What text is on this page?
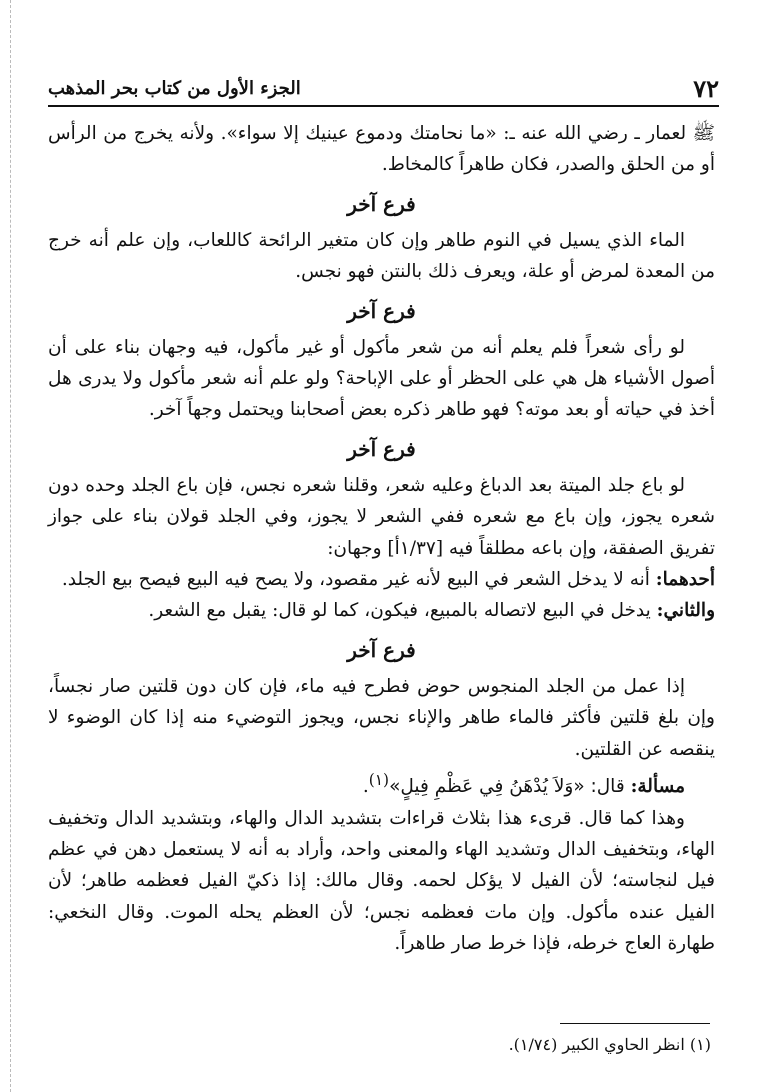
٧٢
الجزء الأول من كتاب بحر المذهب

ﷺ لعمار ـ رضي الله عنه ـ: «ما نحامتك ودموع عينيك إلا سواء». ولأنه يخرج من الرأس أو من الحلق والصدر، فكان طاهراً كالمخاط.

فرع آخر

الماء الذي يسيل في النوم طاهر وإن كان متغير الرائحة كاللعاب، وإن علم أنه خرج من المعدة لمرض أو علة، ويعرف ذلك بالنتن فهو نجس.

فرع آخر

لو رأى شعراً فلم يعلم أنه من شعر مأكول أو غير مأكول، فيه وجهان بناء على أن أصول الأشياء هل هي على الحظر أو على الإباحة؟ ولو علم أنه شعر مأكول ولا يدرى هل أخذ في حياته أو بعد موته؟ فهو طاهر ذكره بعض أصحابنا ويحتمل وجهاً آخر.

فرع آخر

لو باع جلد الميتة بعد الدباغ وعليه شعر، وقلنا شعره نجس، فإن باع الجلد وحده دون شعره يجوز، وإن باع مع شعره ففي الشعر لا يجوز، وفي الجلد قولان بناء على جواز تفريق الصفقة، وإن باعه مطلقاً فيه [١/٣٧أ] وجهان:

أحدهما: أنه لا يدخل الشعر في البيع لأنه غير مقصود، ولا يصح فيه البيع فيصح بيع الجلد.

والثاني: يدخل في البيع لاتصاله بالمبيع، فيكون، كما لو قال: يقبل مع الشعر.

فرع آخر

إذا عمل من الجلد المنجوس حوض فطرح فيه ماء، فإن كان دون قلتين صار نجساً، وإن بلغ قلتين فأكثر فالماء طاهر والإناء نجس، ويجوز التوضيء منه إذا كان الوضوء لا ينقصه عن القلتين.

مسألة: قال: «وَلاَ يُدْهَنُ فِي عَظْمِ فِيلٍ»$^{(١)}$.

وهذا كما قال. قرىء هذا بثلاث قراءات بتشديد الدال والهاء، وبتشديد الدال وتخفيف الهاء، وبتخفيف الدال وتشديد الهاء والمعنى واحد، وأراد به أنه لا يستعمل دهن في عظم فيل لنجاسته؛ لأن الفيل لا يؤكل لحمه. وقال مالك: إذا ذكيّ الفيل فعظمه طاهر؛ لأن الفيل عنده مأكول. وإن مات فعظمه نجس؛ لأن العظم يحله الموت. وقال النخعي: طهارة العاج خرطه، فإذا خرط صار طاهراً.

(١) انظر الحاوي الكبير (١/٧٤).
